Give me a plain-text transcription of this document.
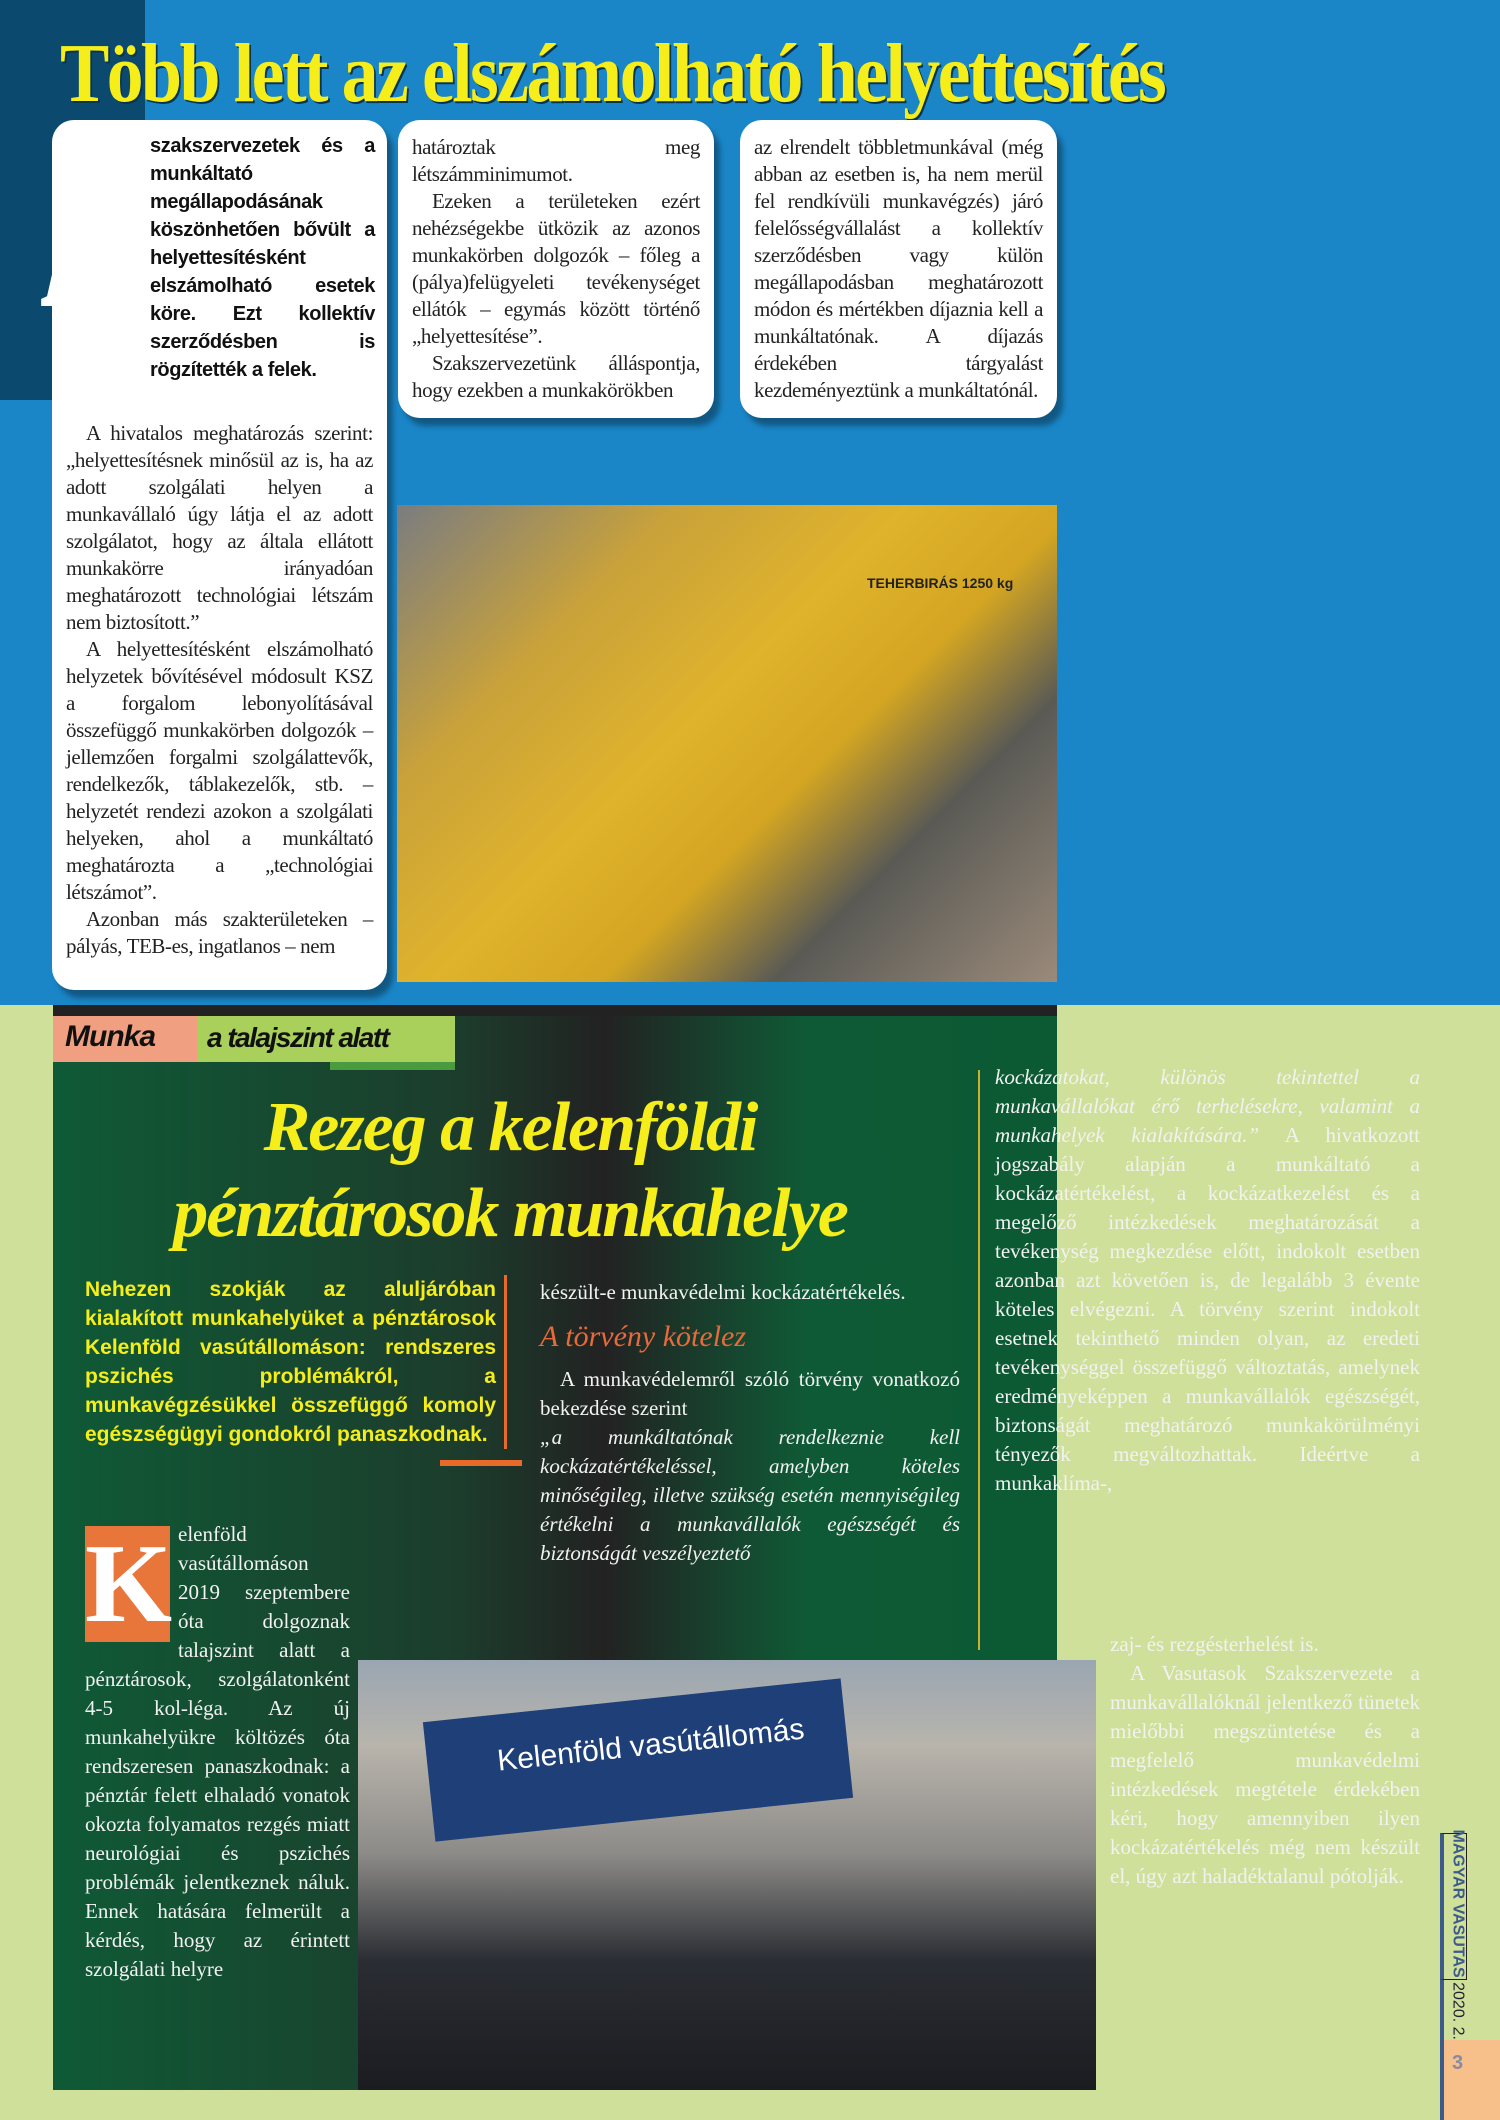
Több lett az elszámolható helyettesítés

A hivatalos meghatározás szerint: „helyettesítésnek minősül az is, ha az adott szolgálati helyen a munkavállaló úgy látja el az adott szolgálatot, hogy az általa ellátott munkakörre irányadóan meghatározott technológiai létszám nem biztosított.”

A helyettesítésként elszámolható helyzetek bővítésével módosult KSZ a forgalom lebonyolításával összefüggő munkakörben dolgozók – jellemzően forgalmi szolgálattevők, rendelkezők, táblakezelők, stb. – helyzetét rendezi azokon a szolgálati helyeken, ahol a munkáltató meghatározta a „technológiai létszámot”.

Azonban más szakterületeken – pályás, TEB-es, ingatlanos – nem

A szakszervezetek és a munkáltató megállapodásának köszönhetően bővült a helyettesítésként elszámolható esetek köre. Ezt kollektív szerződésben is rögzítették a felek.

határoztak meg létszámminimumot.

Ezeken a területeken ezért nehézségekbe ütközik az azonos munkakörben dolgozók – főleg a (pálya)felügyeleti tevékenységet ellátók – egymás között történő „helyettesítése”.

Szakszervezetünk álláspontja, hogy ezekben a munkakörökben

az elrendelt többletmunkával (még abban az esetben is, ha nem merül fel rendkívüli munkavégzés) járó felelősségvállalást a kollektív szerződésben vagy külön megállapodásban meghatározott módon és mértékben díjaznia kell a munkáltatónak. A díjazás érdekében tárgyalást kezdeményeztünk a munkáltatónál.

TEHERBIRÁS 1250 kg
Munka	a talajszint alatt
Rezeg a kelenföldi
pénztárosok munkahelye
Nehezen szokják az aluljáróban kialakított munkahelyüket a pénztárosok Kelenföld vasútállomáson: rendszeres pszichés problémákról, a munkavégzésükkel összefüggő komoly egészségügyi gondokról panaszkodnak.
készült-e munkavédelmi kockázatértékelés.
A törvény kötelez

A munkavédelemről szóló törvény vonatkozó bekezdése szerint

„a munkáltatónak rendelkeznie kell kockázatértékeléssel, amelyben köteles minőségileg, illetve szükség esetén mennyiségileg értékelni a munkavállalók egészségét és biztonságát veszélyeztető
kockázatokat, különös tekintettel a munkavállalókat érő terhelésekre, valamint a munkahelyek kialakítására.” A hivatkozott jogszabály alapján a munkáltató a kockázatértékelést, a kockázatkezelést és a megelőző intézkedések meghatározását a tevékenység megkezdése előtt, indokolt esetben azonban azt követően is, de legalább 3 évente köteles elvégezni. A törvény szerint indokolt esetnek tekinthető minden olyan, az eredeti tevékenységgel összefüggő változtatás, amelynek eredményeképpen a munkavállalók egészségét, biztonságát meghatározó munkakörülményi tényezők megváltozhattak. Ideértve a munkaklíma-,
K elenföld vasútállomáson 2019 szeptembere óta dolgoznak talajszint alatt a pénztárosok, szolgálatonként 4-5 kol-léga. Az új munkahelyükre költözés óta rendszeresen panaszkodnak: a pénztár felett elhaladó vonatok okozta folyamatos rezgés miatt neurológiai és pszichés problémák jelentkeznek náluk. Ennek hatására felmerült a kérdés, hogy az érintett szolgálati helyre
Kelenföld vasútállomás

zaj- és rezgésterhelést is.

A Vasutasok Szakszervezete a munkavállalóknál jelentkező tünetek mielőbbi megszüntetése és a megfelelő munkavédelmi intézkedések megtétele érdekében kéri, hogy amennyiben ilyen kockázatértékelés még nem készült el, úgy azt haladéktalanul pótolják.	MAGYAR VASUTAS 2020. 2.
3
